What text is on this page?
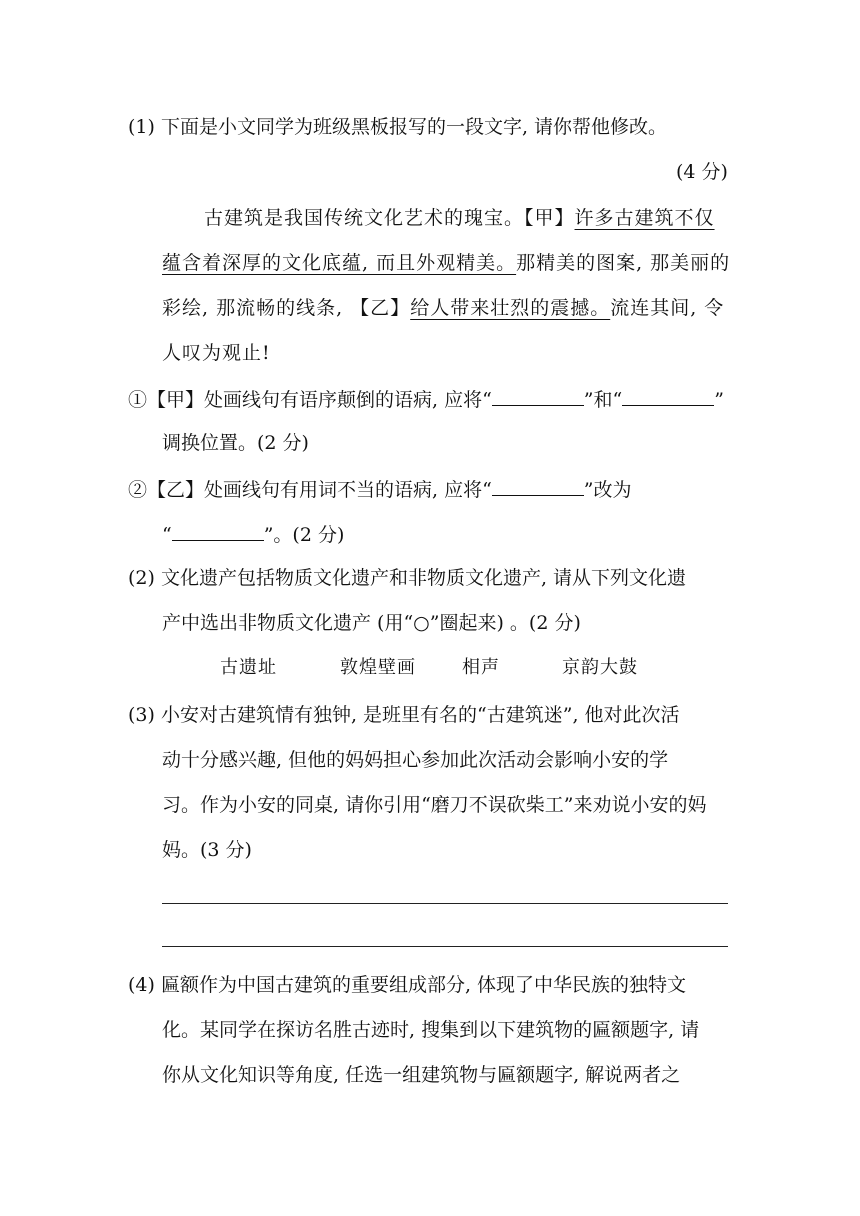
(1) 下面是小文同学为班级黑板报写的一段文字, 请你帮他修改。
(4 分)
古建筑是我国传统文化艺术的瑰宝。【甲】许多古建筑不仅
蕴含着深厚的文化底蕴, 而且外观精美。那精美的图案, 那美丽的
彩绘, 那流畅的线条, 【乙】给人带来壮烈的震撼。流连其间, 令
人叹为观止!
①【甲】处画线句有语序颠倒的语病, 应将“	”和“	”
调换位置。(2 分)
②【乙】处画线句有用词不当的语病, 应将“	”改为
“	”。(2 分)
(2) 文化遗产包括物质文化遗产和非物质文化遗产, 请从下列文化遗
产中选出非物质文化遗产 (用“○”圈起来) 。(2 分)
古遗址	敦煌壁画	相声	京韵大鼓
(3) 小安对古建筑情有独钟, 是班里有名的“古建筑迷”, 他对此次活
动十分感兴趣, 但他的妈妈担心参加此次活动会影响小安的学
习。作为小安的同桌, 请你引用“磨刀不误砍柴工”来劝说小安的妈
妈。(3 分)
(4) 匾额作为中国古建筑的重要组成部分, 体现了中华民族的独特文
化。某同学在探访名胜古迹时, 搜集到以下建筑物的匾额题字, 请
你从文化知识等角度, 任选一组建筑物与匾额题字, 解说两者之
